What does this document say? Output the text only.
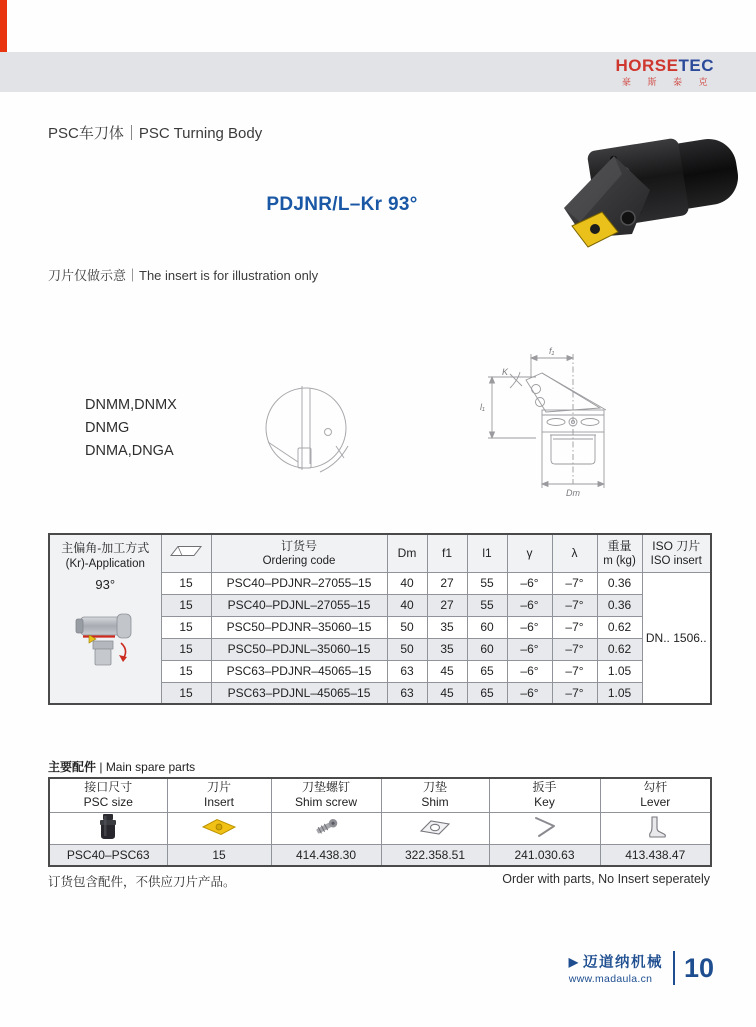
HORSETEC
豪 斯 泰 克
PSC车刀体｜PSC Turning Body
PDJNR/L–Kr 93°
刀片仅做示意｜The insert is for illustration only
DNMM,DNMX
DNMG
DNMA,DNGA
f₁
K
l₁
Dm
主偏角-加工方式
(Kr)-Application
93°

订货号
Ordering code
	Dm	f1	l1	γ	λ	
重量
m (kg)

ISO 刀片
ISO insert

	15	PSC40–PDJNR–27055–15	40	27	55	–6°	–7°	0.36	DN.. 1506..
	15	PSC40–PDJNL–27055–15	40	27	55	–6°	–7°	0.36	
	15	PSC50–PDJNR–35060–15	50	35	60	–6°	–7°	0.62	
	15	PSC50–PDJNL–35060–15	50	35	60	–6°	–7°	0.62	
	15	PSC63–PDJNR–45065–15	63	45	65	–6°	–7°	1.05	
	15	PSC63–PDJNL–45065–15	63	45	65	–6°	–7°	1.05	
主要配件 | Main spare parts
接口尺寸
PSC size

刀片
Insert

刀垫螺钉
Shim screw

刀垫
Shim

扳手
Key

勾杆
Lever

PSC40–PSC63	15	414.438.30	322.358.51	241.030.63	413.438.47
订货包含配件，不供应刀片产品。	Order with parts, No Insert seperately
▶ 迈道纳机械
www.madaula.cn	10
